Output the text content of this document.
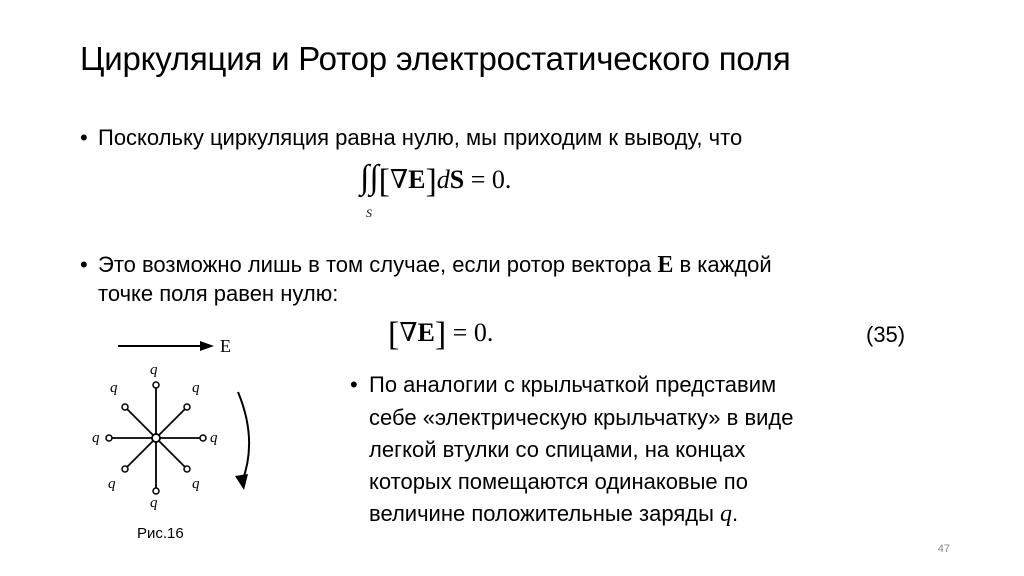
Циркуляция и Ротор электростатического поля
• Поскольку циркуляция равна нулю, мы приходим к выводу, что
∫∫[∇E]dS = 0.
S
• Это возможно лишь в том случае, если ротор вектора E в каждой
точке поля равен нулю:
[∇E] = 0.	(35)
• По аналогии с крыльчаткой представим
себе «электрическую крыльчатку» в виде
легкой втулки со спицами, на концах
которых помещаются одинаковые по
величине положительные заряды q.
E
q
q
q	q
q	q
q	q
Рис.16
47
